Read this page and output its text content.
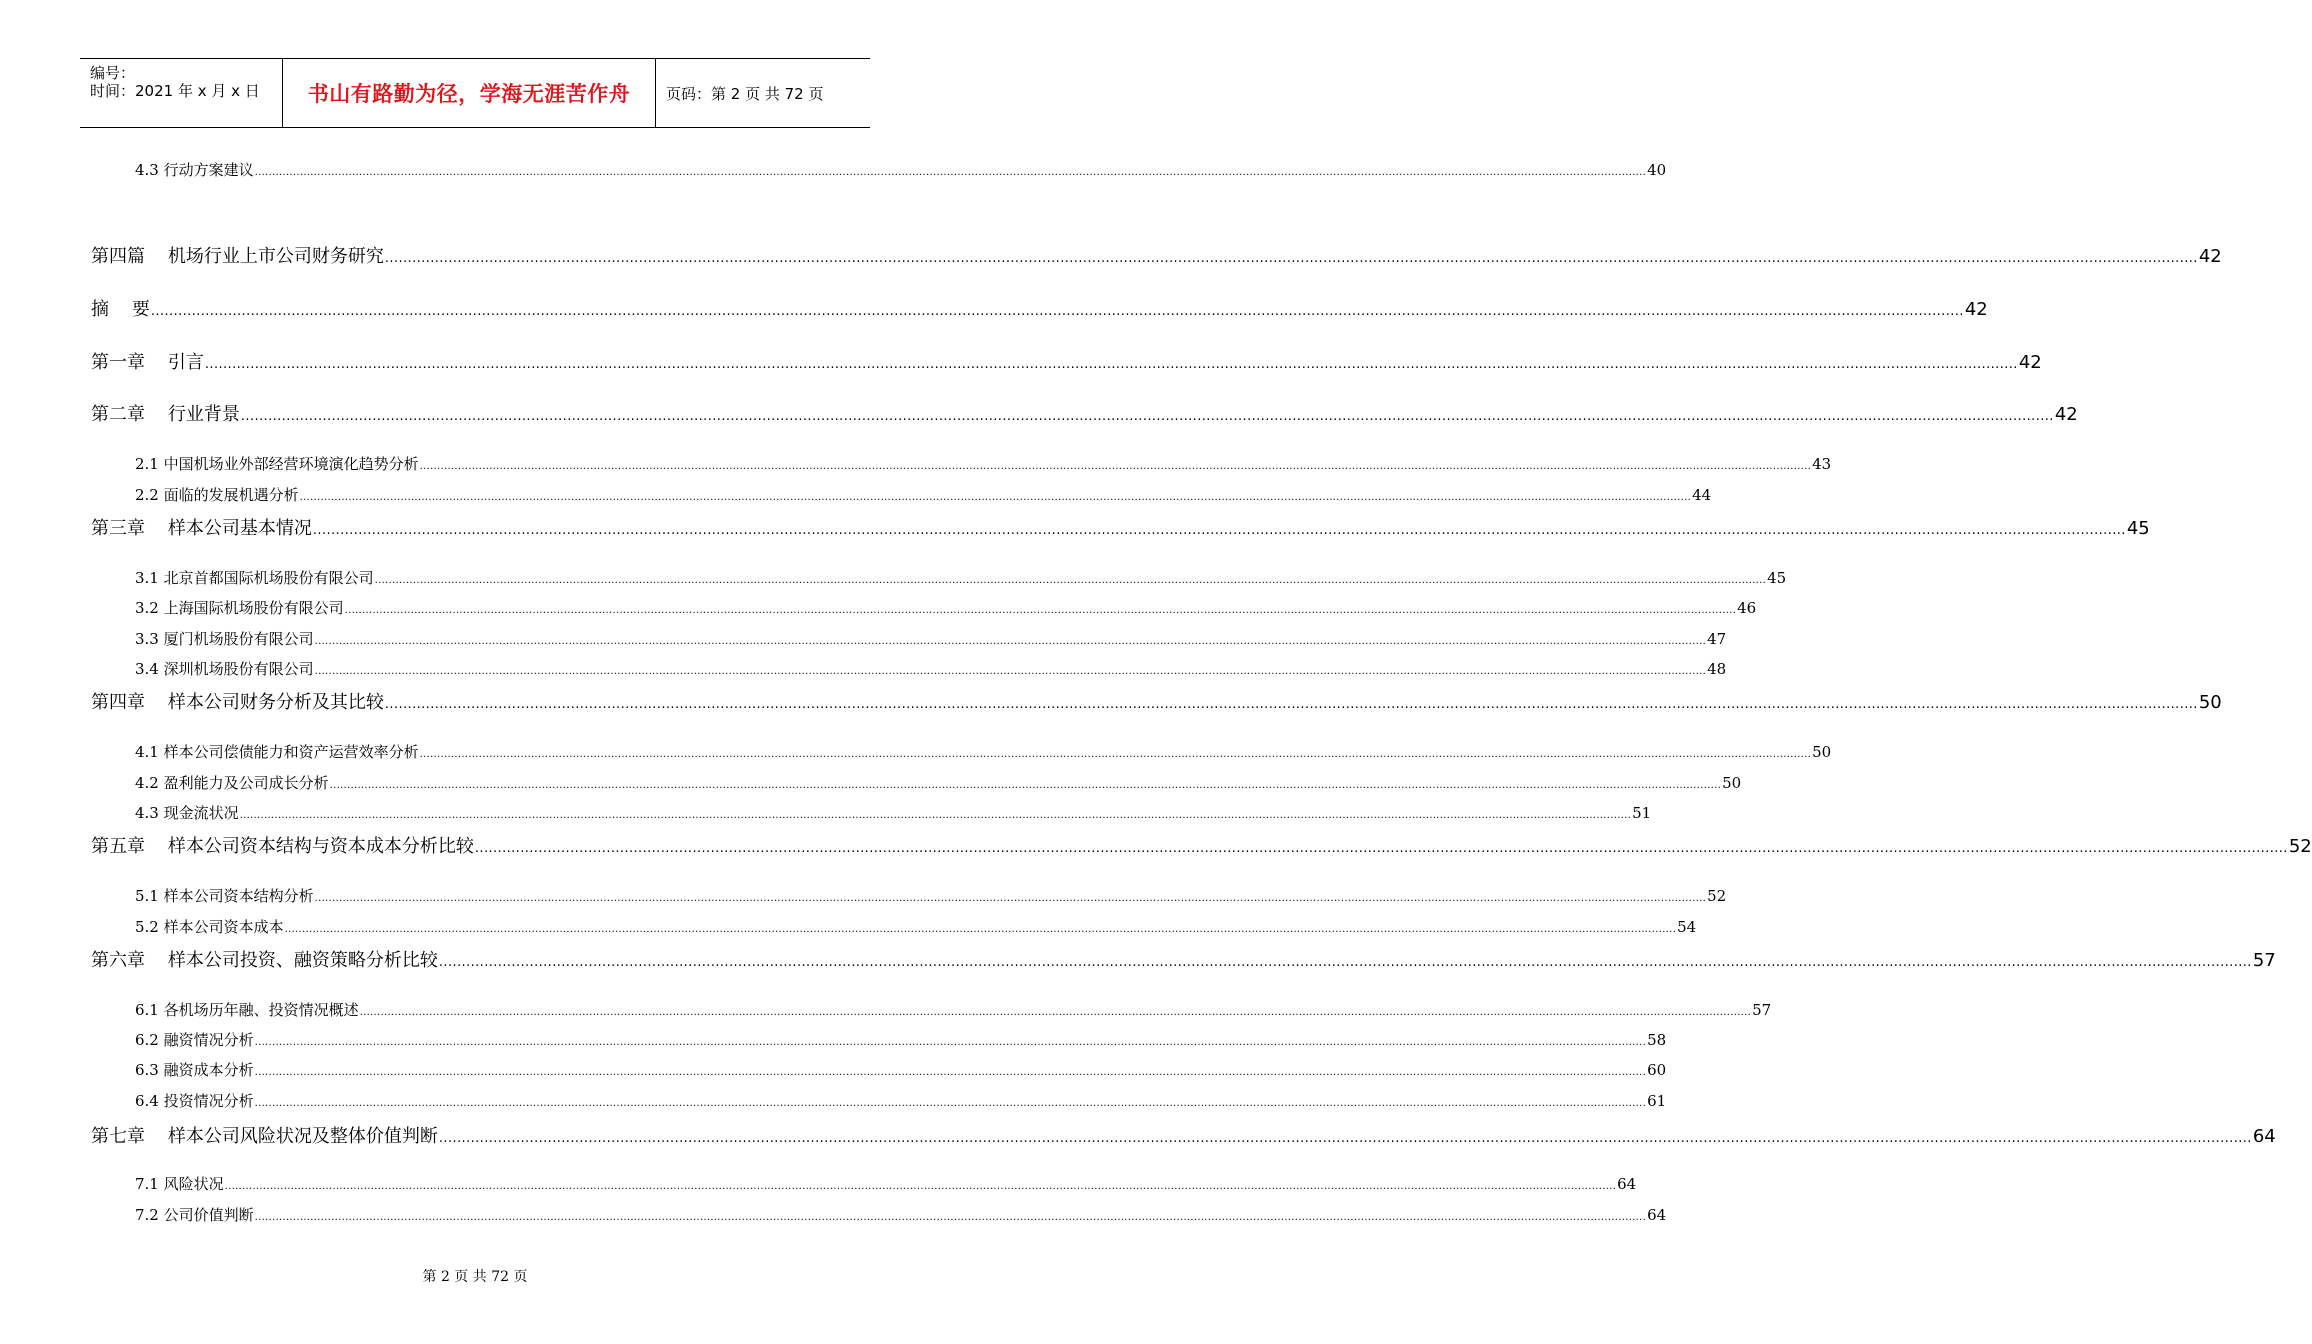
编号：
时间：2021 年 x 月 x 日	书山有路勤为径，学海无涯苦作舟	页码：第 2 页 共 72 页
4.3 行动方案建议 ................................................................................................................................................................................................................................................................................................................................................................................................................ 40
第四篇    机场行业上市公司财务研究 ................................................................................................................................................................................................................................................................................................................................................................................................................ 42
摘    要 ................................................................................................................................................................................................................................................................................................................................................................................................................ 42
第一章    引言 ................................................................................................................................................................................................................................................................................................................................................................................................................ 42
第二章    行业背景 ................................................................................................................................................................................................................................................................................................................................................................................................................ 42
2.1 中国机场业外部经营环境演化趋势分析 ................................................................................................................................................................................................................................................................................................................................................................................................................ 43
2.2 面临的发展机遇分析 ................................................................................................................................................................................................................................................................................................................................................................................................................ 44
第三章    样本公司基本情况 ................................................................................................................................................................................................................................................................................................................................................................................................................ 45
3.1 北京首都国际机场股份有限公司 ................................................................................................................................................................................................................................................................................................................................................................................................................ 45
3.2 上海国际机场股份有限公司 ................................................................................................................................................................................................................................................................................................................................................................................................................ 46
3.3 厦门机场股份有限公司 ................................................................................................................................................................................................................................................................................................................................................................................................................ 47
3.4 深圳机场股份有限公司 ................................................................................................................................................................................................................................................................................................................................................................................................................ 48
第四章    样本公司财务分析及其比较 ................................................................................................................................................................................................................................................................................................................................................................................................................ 50
4.1 样本公司偿债能力和资产运营效率分析 ................................................................................................................................................................................................................................................................................................................................................................................................................ 50
4.2 盈利能力及公司成长分析 ................................................................................................................................................................................................................................................................................................................................................................................................................ 50
4.3 现金流状况 ................................................................................................................................................................................................................................................................................................................................................................................................................ 51
第五章    样本公司资本结构与资本成本分析比较 ................................................................................................................................................................................................................................................................................................................................................................................................................ 52
5.1 样本公司资本结构分析 ................................................................................................................................................................................................................................................................................................................................................................................................................ 52
5.2 样本公司资本成本 ................................................................................................................................................................................................................................................................................................................................................................................................................ 54
第六章    样本公司投资、融资策略分析比较 ................................................................................................................................................................................................................................................................................................................................................................................................................ 57
6.1 各机场历年融、投资情况概述 ................................................................................................................................................................................................................................................................................................................................................................................................................ 57
6.2 融资情况分析 ................................................................................................................................................................................................................................................................................................................................................................................................................ 58
6.3 融资成本分析 ................................................................................................................................................................................................................................................................................................................................................................................................................ 60
6.4 投资情况分析 ................................................................................................................................................................................................................................................................................................................................................................................................................ 61
第七章    样本公司风险状况及整体价值判断 ................................................................................................................................................................................................................................................................................................................................................................................................................ 64
7.1 风险状况 ................................................................................................................................................................................................................................................................................................................................................................................................................ 64
7.2 公司价值判断 ................................................................................................................................................................................................................................................................................................................................................................................................................ 64
第 2 页 共 72 页
